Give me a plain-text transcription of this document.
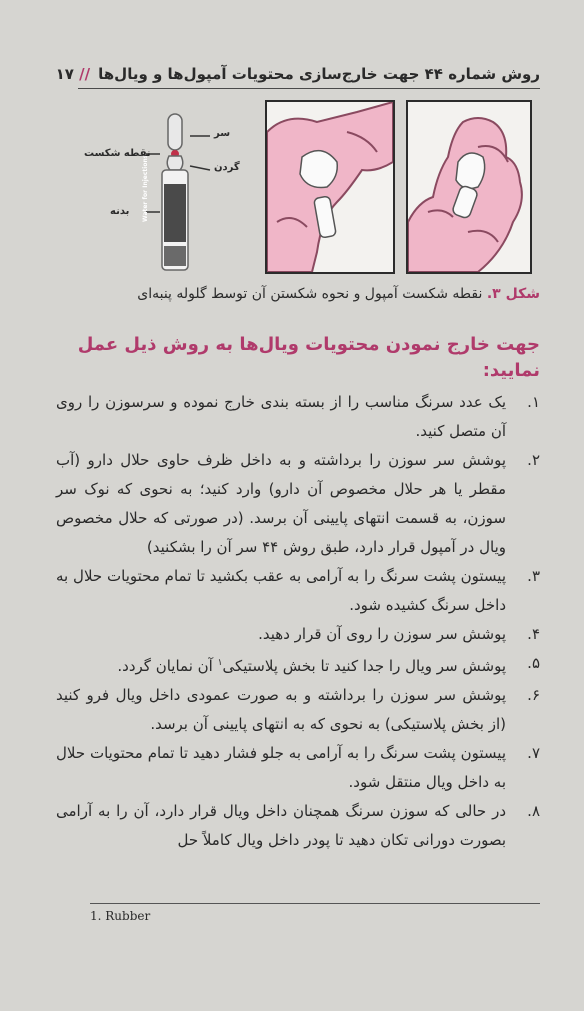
روش شماره ۴۴ جهت خارج‌سازی محتویات آمپول‌ها و ویال‌ها
۱۷ //
Water for Injections
سر
نقطه شکست
گردن
بدنه
شکل ۳. نقطه شکست آمپول و نحوه شکستن آن توسط گلوله پنبه‌ای
جهت خارج نمودن محتویات ویال‌ها به روش ذیل عمل نمایید:
۱.
یک عدد سرنگ مناسب را از بسته بندی خارج نموده و سرسوزن را روی آن متصل کنید.
۲.
پوشش سر سوزن را برداشته و به داخل ظرف حاوی حلال دارو (آب مقطر یا هر حلال مخصوص آن دارو) وارد کنید؛ به نحوی که نوک سر سوزن، به قسمت انتهای پایینی آن برسد. (در صورتی که حلال مخصوص ویال در آمپول قرار دارد، طبق روش ۴۴ سر آن را بشکنید)
۳.
پیستون پشت سرنگ را به آرامی به عقب بکشید تا تمام محتویات حلال به داخل سرنگ کشیده شود.
۴.
پوشش سر سوزن را روی آن قرار دهید.
۵.
پوشش سر ویال را جدا کنید تا بخش پلاستیکی$^۱$ آن نمایان گردد.
۶.
پوشش سر سوزن را برداشته و به صورت عمودی داخل ویال فرو کنید (از بخش پلاستیکی) به نحوی که به انتهای پایینی آن برسد.
۷.
پیستون پشت سرنگ را به آرامی به جلو فشار دهید تا تمام محتویات حلال به داخل ویال منتقل شود.
۸.
در حالی که سوزن سرنگ همچنان داخل ویال قرار دارد، آن را به آرامی بصورت دورانی تکان دهید تا پودر داخل ویال کاملاً حل
1. Rubber
